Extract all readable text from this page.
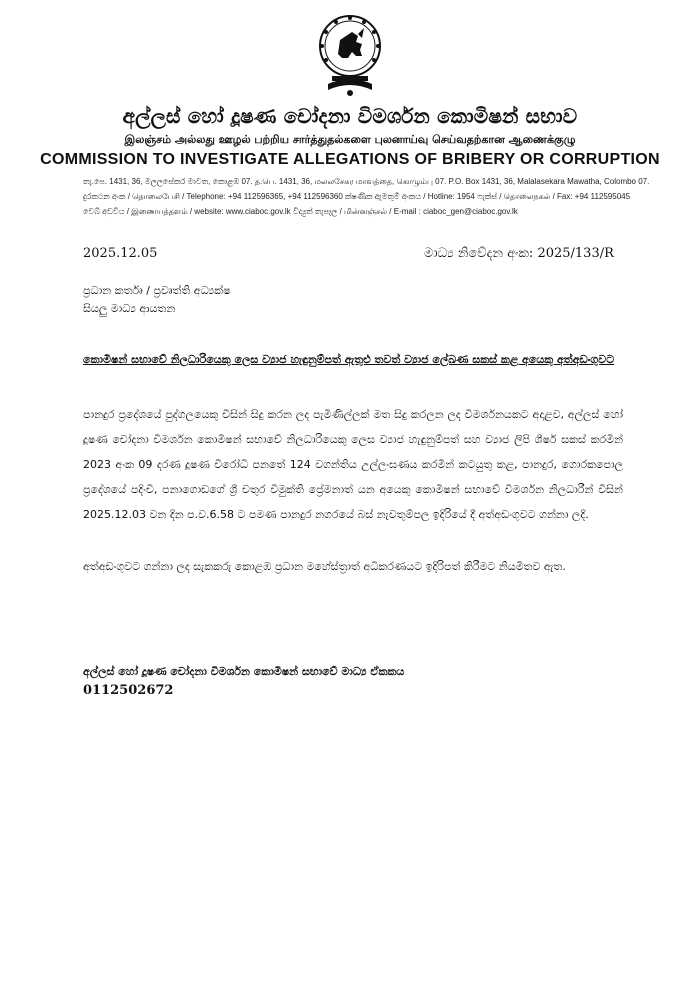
අල්ලස් හෝ දූෂණ චෝදනා විමර්ශන කොමිෂන් සභාව
இலஞ்சம் அல்லது ஊழல் பற்றிய சார்த்துதல்களை புலனாய்வு செய்வதற்கான ஆணைக்குழு
COMMISSION TO INVESTIGATE ALLEGATIONS OF BRIBERY OR CORRUPTION
තැ.පෙ. 1431, 36, මලලසේකර මාවත, කොළඹ 07. த.பெ. 1431, 36, மலலசேகர மாவத்தை, கொழும்பு 07. P.O. Box 1431, 36, Malalasekara Mawatha, Colombo 07.
දුරකථන අංක / தொலைபேசி / Telephone: +94 112596365, +94 112596360 ක්ෂණික ඇමතුම් අංකය / Hotline: 1954 ෆැක්ස් / தொலைநகல் / Fax: +94 112595045
වෙබ් අඩවිය / இணையத்தளம் / website: www.ciaboc.gov.lk විද්‍යුත් තැපෑල / மின்னஞ்சல் / E-mail : ciaboc_gen@ciaboc.gov.lk
2025.12.05	මාධ්‍ය නිවේදන අංක: 2025/133/R
ප්‍රධාන කර්තෘ / ප්‍රවෘත්ති අධ්‍යක්ෂ
සියලු මාධ්‍ය ආයතන
කොමිෂන් සභාවේ නිලධාරියෙකු ලෙස ව්‍යාජ හැඳුනුම්පත් ඇතුළු තවත් ව්‍යාජ ලේඛණ සකස් කළ අයෙකු අත්අඩංගුවට
පානදුර ප්‍රදේශයේ පුද්ගලයෙකු විසින් සිදු කරන ලද පැමිණිල්ලක් මත සිදු කරලන ලද විමර්ශනයකට අදාළව, අල්ලස් හෝ දූෂණ චෝදනා විමර්ශන කොමිෂන් සභාවේ නිලධාරියෙකු ලෙස ව්‍යාජ හැඳුනුම්පත් සහ ව්‍යාජ ලිපි ශීර්ෂ සකස් කරමින් 2023 අංක 09 දරණ දූෂණ විරෝධී පනතේ 124 වගන්තිය උල්ලංඝණය කරමින් කටයුතු කළ, පානදුර, ගොරකපොල ප්‍රදේශයේ පදිංචි, පනාගොඩගේ ශ්‍රී චතුර විමුක්ති ප්‍රේමනාත් යන අයෙකු කොමිෂන් සභාවේ විමර්ශන නිලධාරීන් විසින් 2025.12.03 වන දින ප.ව.6.58 ට පමණ පානදුර නගරයේ බස් නැවතුම්පල ඉදිරියේ දී අත්අඩංගුවට ගන්නා ලදි.
අත්අඩංගුවට ගන්නා ලද සැකකරු කොළඹ ප්‍රධාන මහේස්ත්‍රාත් අධිකරණයට ඉදිරිපත් කිරීමට නියමිතව ඇත.
අල්ලස් හෝ දූෂණ චෝදනා විමර්ශන කොමිෂන් සභාවේ මාධ්‍ය ඒකකය
0112502672
